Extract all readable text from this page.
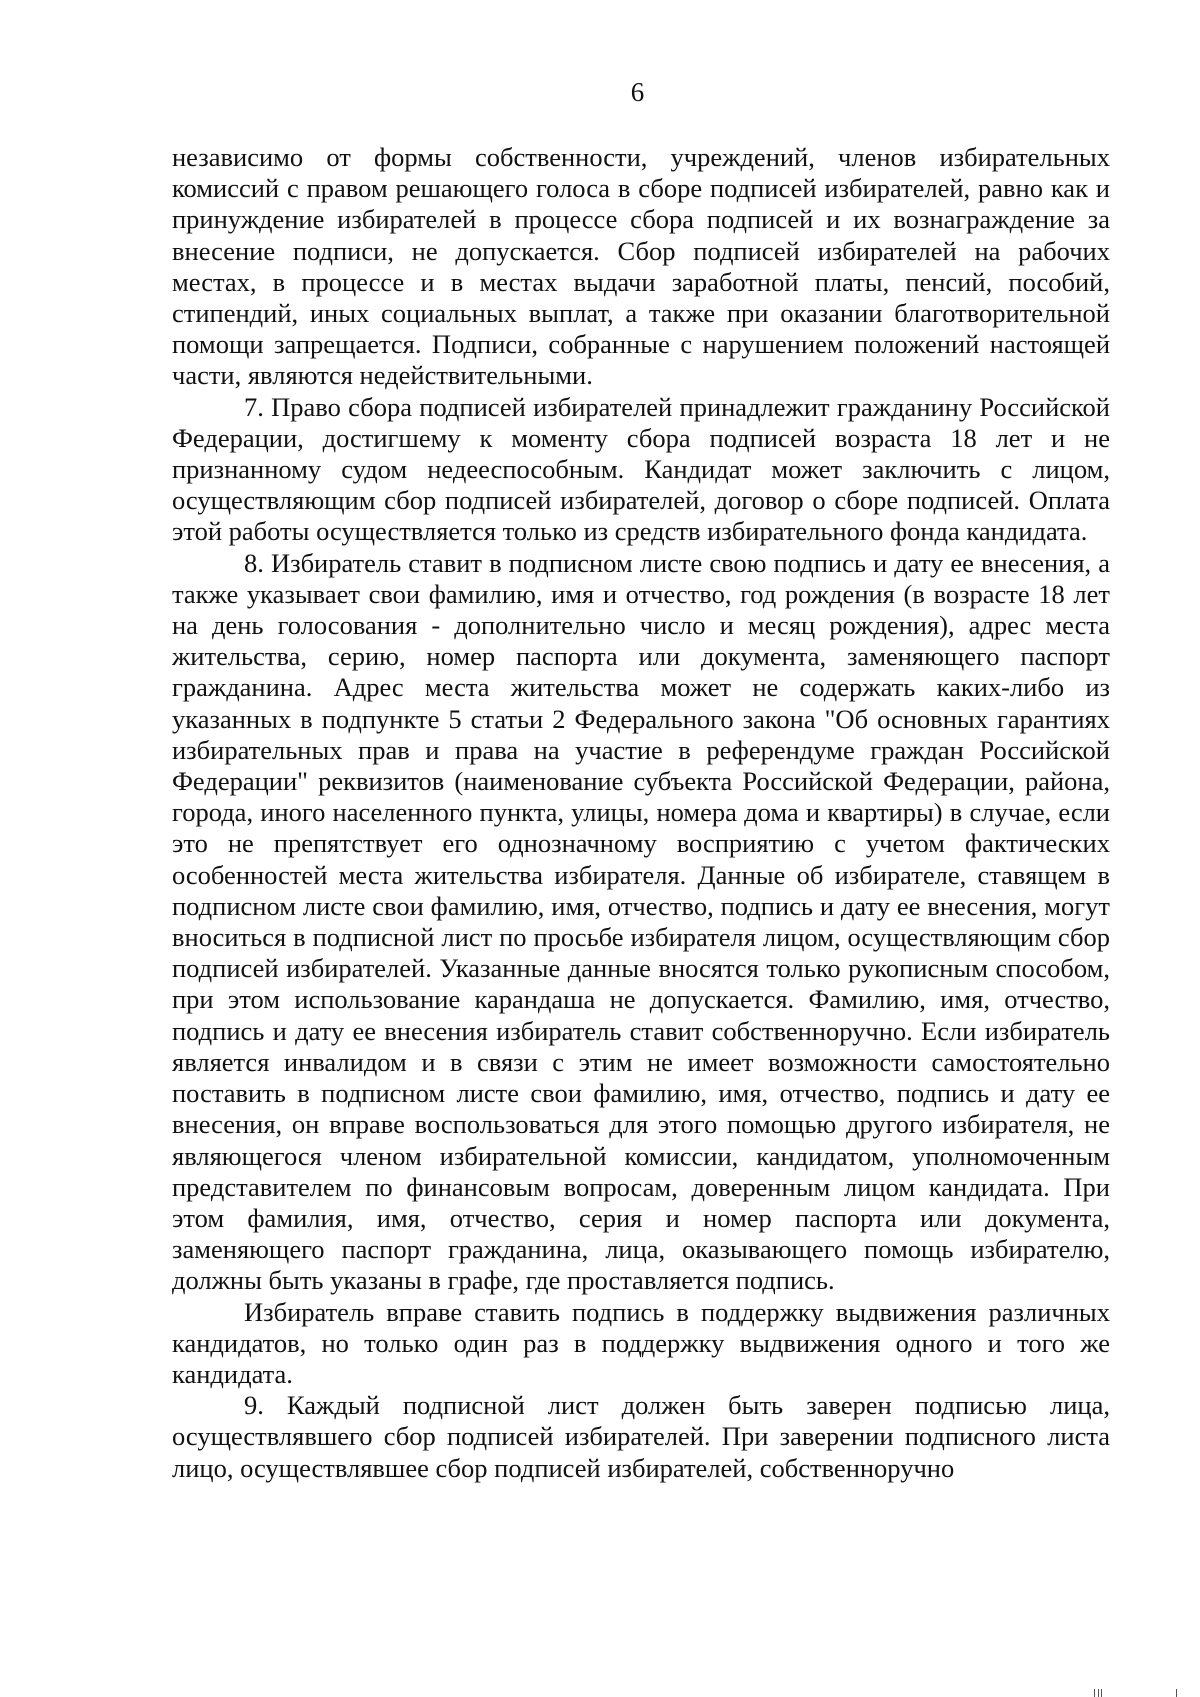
6

независимо от формы собственности, учреждений, членов избирательных комиссий с правом решающего голоса в сборе подписей избирателей, равно как и принуждение избирателей в процессе сбора подписей и их вознаграждение за внесение подписи, не допускается. Сбор подписей избирателей на рабочих местах, в процессе и в местах выдачи заработной платы, пенсий, пособий, стипендий, иных социальных выплат, а также при оказании благотворительной помощи запрещается. Подписи, собранные с нарушением положений настоящей части, являются недействительными.

7. Право сбора подписей избирателей принадлежит гражданину Российской Федерации, достигшему к моменту сбора подписей возраста 18 лет и не признанному судом недееспособным. Кандидат может заключить с лицом, осуществляющим сбор подписей избирателей, договор о сборе подписей. Оплата этой работы осуществляется только из средств избирательного фонда кандидата.

8. Избиратель ставит в подписном листе свою подпись и дату ее внесения, а также указывает свои фамилию, имя и отчество, год рождения (в возрасте 18 лет на день голосования - дополнительно число и месяц рождения), адрес места жительства, серию, номер паспорта или документа, заменяющего паспорт гражданина. Адрес места жительства может не содержать каких-либо из указанных в подпункте 5 статьи 2 Федерального закона "Об основных гарантиях избирательных прав и права на участие в референдуме граждан Российской Федерации" реквизитов (наименование субъекта Российской Федерации, района, города, иного населенного пункта, улицы, номера дома и квартиры) в случае, если это не препятствует его однозначному восприятию с учетом фактических особенностей места жительства избирателя. Данные об избирателе, ставящем в подписном листе свои фамилию, имя, отчество, подпись и дату ее внесения, могут вноситься в подписной лист по просьбе избирателя лицом, осуществляющим сбор подписей избирателей. Указанные данные вносятся только рукописным способом, при этом использование карандаша не допускается. Фамилию, имя, отчество, подпись и дату ее внесения избиратель ставит собственноручно. Если избиратель является инвалидом и в связи с этим не имеет возможности самостоятельно поставить в подписном листе свои фамилию, имя, отчество, подпись и дату ее внесения, он вправе воспользоваться для этого помощью другого избирателя, не являющегося членом избирательной комиссии, кандидатом, уполномоченным представителем по финансовым вопросам, доверенным лицом кандидата. При этом фамилия, имя, отчество, серия и номер паспорта или документа, заменяющего паспорт гражданина, лица, оказывающего помощь избирателю, должны быть указаны в графе, где проставляется подпись.

Избиратель вправе ставить подпись в поддержку выдвижения различных кандидатов, но только один раз в поддержку выдвижения одного и того же кандидата.

9. Каждый подписной лист должен быть заверен подписью лица, осуществлявшего сбор подписей избирателей. При заверении подписного листа лицо, осуществлявшее сбор подписей избирателей, собственноручно
